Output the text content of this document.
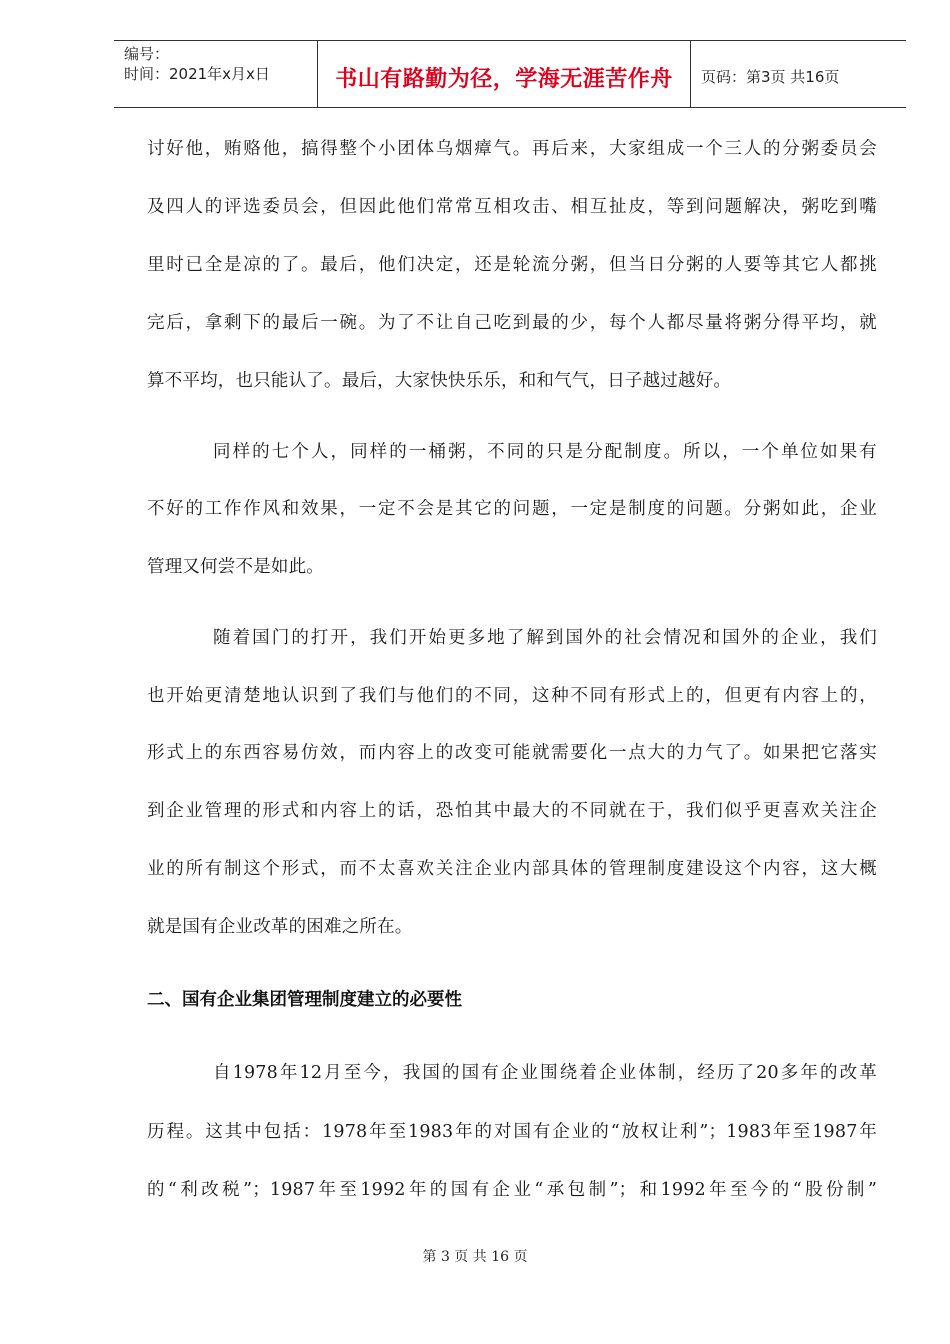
编号：
时间：2021年x月x日	书山有路勤为径，学海无涯苦作舟	页码：第3页 共16页
讨好他，贿赂他，搞得整个小团体乌烟瘴气。再后来，大家组成一个三人的分粥委员会
及四人的评选委员会，但因此他们常常互相攻击、相互扯皮，等到问题解决，粥吃到嘴
里时已全是凉的了。最后，他们决定，还是轮流分粥，但当日分粥的人要等其它人都挑
完后，拿剩下的最后一碗。为了不让自己吃到最的少，每个人都尽量将粥分得平均，就
算不平均，也只能认了。最后，大家快快乐乐，和和气气，日子越过越好。
同样的七个人，同样的一桶粥，不同的只是分配制度。所以，一个单位如果有
不好的工作作风和效果，一定不会是其它的问题，一定是制度的问题。分粥如此，企业
管理又何尝不是如此。
随着国门的打开，我们开始更多地了解到国外的社会情况和国外的企业，我们
也开始更清楚地认识到了我们与他们的不同，这种不同有形式上的，但更有内容上的，
形式上的东西容易仿效，而内容上的改变可能就需要化一点大的力气了。如果把它落实
到企业管理的形式和内容上的话，恐怕其中最大的不同就在于，我们似乎更喜欢关注企
业的所有制这个形式，而不太喜欢关注企业内部具体的管理制度建设这个内容，这大概
就是国有企业改革的困难之所在。
二、国有企业集团管理制度建立的必要性
自1978年12月至今，我国的国有企业围绕着企业体制，经历了20多年的改革
历程。这其中包括：1978年至1983年的对国有企业的“放权让利”；1983年至1987年
的“利改税”；1987年至1992年的国有企业“承包制”；和1992年至今的“股份制”
第 3 页 共 16 页
